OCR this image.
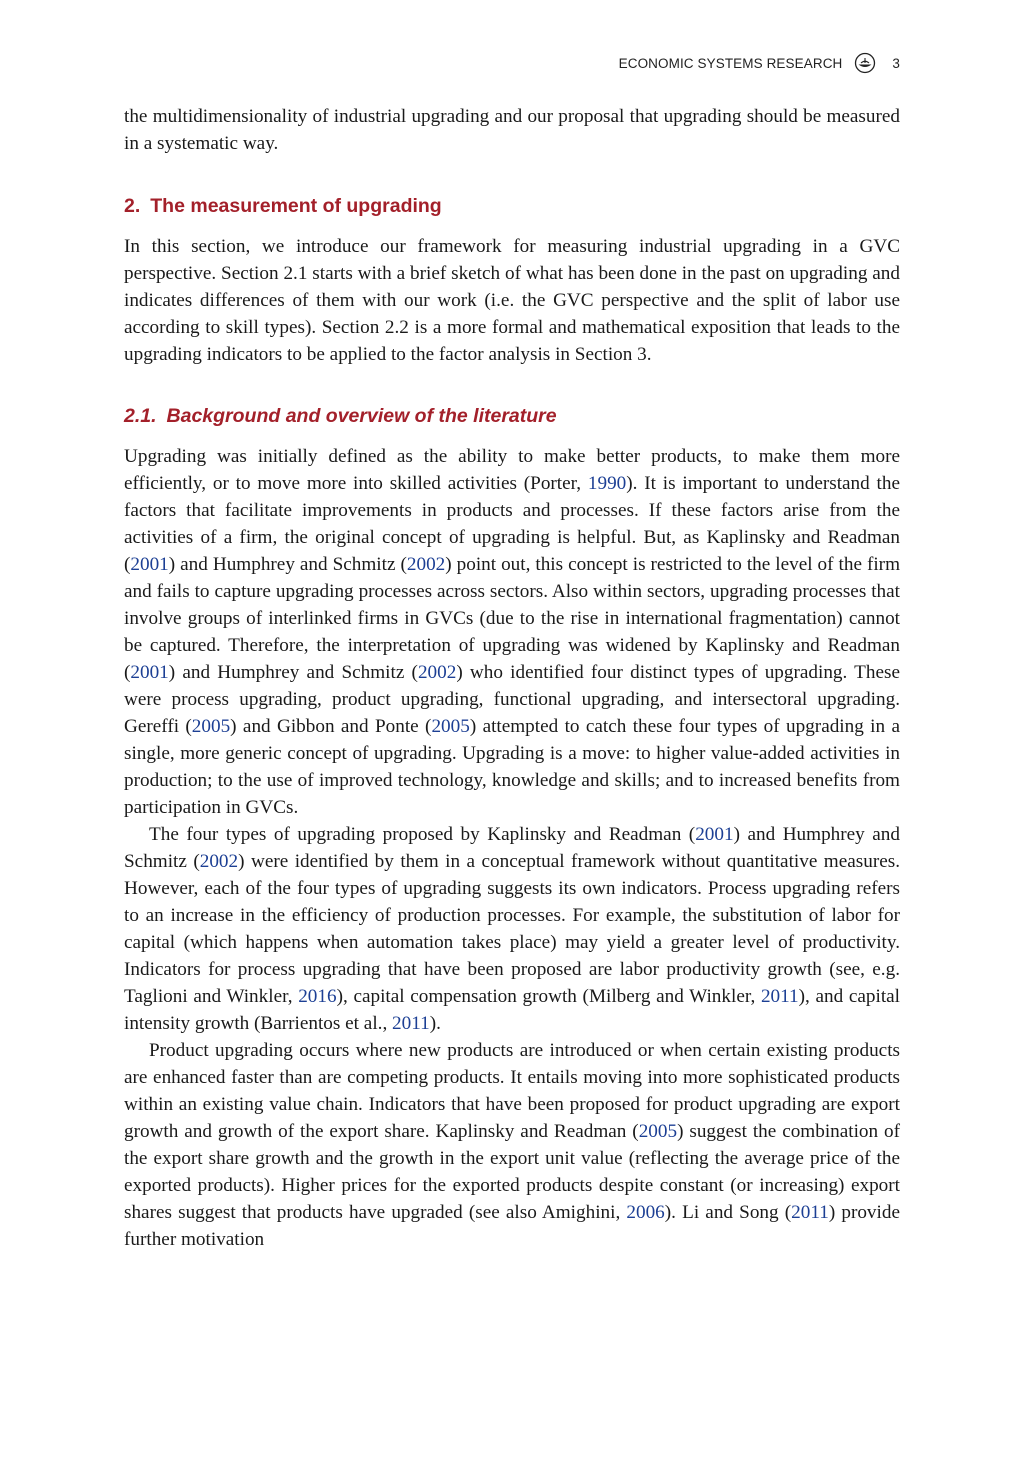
ECONOMIC SYSTEMS RESEARCH	3

the multidimensionality of industrial upgrading and our proposal that upgrading should be measured in a systematic way.

2. The measurement of upgrading

In this section, we introduce our framework for measuring industrial upgrading in a GVC perspective. Section 2.1 starts with a brief sketch of what has been done in the past on upgrading and indicates differences of them with our work (i.e. the GVC perspective and the split of labor use according to skill types). Section 2.2 is a more formal and mathematical exposition that leads to the upgrading indicators to be applied to the factor analysis in Section 3.

2.1. Background and overview of the literature

Upgrading was initially defined as the ability to make better products, to make them more efficiently, or to move more into skilled activities (Porter, 1990). It is important to understand the factors that facilitate improvements in products and processes. If these factors arise from the activities of a firm, the original concept of upgrading is helpful. But, as Kaplinsky and Readman (2001) and Humphrey and Schmitz (2002) point out, this concept is restricted to the level of the firm and fails to capture upgrading processes across sectors. Also within sectors, upgrading processes that involve groups of interlinked firms in GVCs (due to the rise in international fragmentation) cannot be captured. Therefore, the interpretation of upgrading was widened by Kaplinsky and Readman (2001) and Humphrey and Schmitz (2002) who identified four distinct types of upgrading. These were process upgrading, product upgrading, functional upgrading, and intersectoral upgrading. Gereffi (2005) and Gibbon and Ponte (2005) attempted to catch these four types of upgrading in a single, more generic concept of upgrading. Upgrading is a move: to higher value-added activities in production; to the use of improved technology, knowledge and skills; and to increased benefits from participation in GVCs.

The four types of upgrading proposed by Kaplinsky and Readman (2001) and Humphrey and Schmitz (2002) were identified by them in a conceptual framework without quantitative measures. However, each of the four types of upgrading suggests its own indicators. Process upgrading refers to an increase in the efficiency of production processes. For example, the substitution of labor for capital (which happens when automation takes place) may yield a greater level of productivity. Indicators for process upgrading that have been proposed are labor productivity growth (see, e.g. Taglioni and Winkler, 2016), capital compensation growth (Milberg and Winkler, 2011), and capital intensity growth (Barrientos et al., 2011).

Product upgrading occurs where new products are introduced or when certain existing products are enhanced faster than are competing products. It entails moving into more sophisticated products within an existing value chain. Indicators that have been proposed for product upgrading are export growth and growth of the export share. Kaplinsky and Readman (2005) suggest the combination of the export share growth and the growth in the export unit value (reflecting the average price of the exported products). Higher prices for the exported products despite constant (or increasing) export shares suggest that products have upgraded (see also Amighini, 2006). Li and Song (2011) provide further motivation
